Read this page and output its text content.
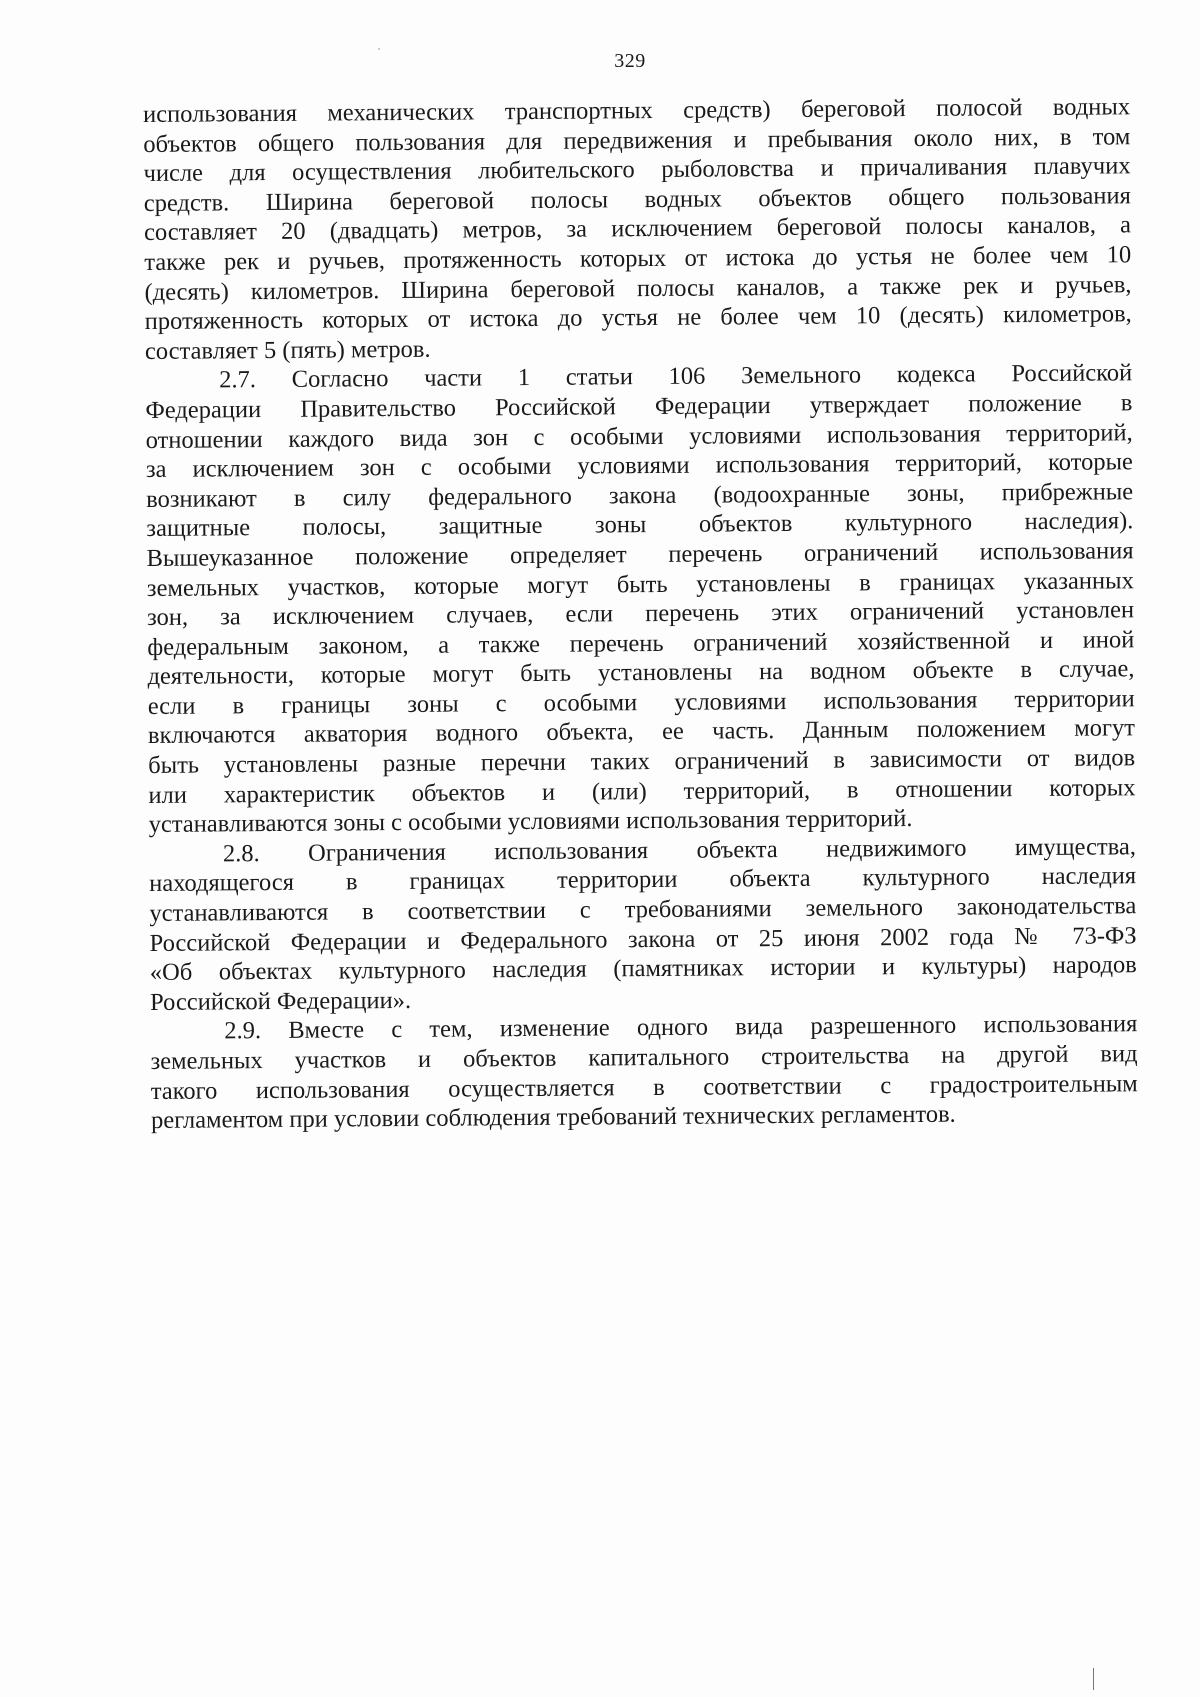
329
использования механических транспортных средств) береговой полосой водных
объектов общего пользования для передвижения и пребывания около них, в том
числе для осуществления любительского рыболовства и причаливания плавучих
средств. Ширина береговой полосы водных объектов общего пользования
составляет 20 (двадцать) метров, за исключением береговой полосы каналов, а
также рек и ручьев, протяженность которых от истока до устья не более чем 10
(десять) километров. Ширина береговой полосы каналов, а также рек и ручьев,
протяженность которых от истока до устья не более чем 10 (десять) километров,
составляет 5 (пять) метров.
2.7. Согласно части 1 статьи 106 Земельного кодекса Российской
Федерации Правительство Российской Федерации утверждает положение в
отношении каждого вида зон с особыми условиями использования территорий,
за исключением зон с особыми условиями использования территорий, которые
возникают в силу федерального закона (водоохранные зоны, прибрежные
защитные полосы, защитные зоны объектов культурного наследия).
Вышеуказанное положение определяет перечень ограничений использования
земельных участков, которые могут быть установлены в границах указанных
зон, за исключением случаев, если перечень этих ограничений установлен
федеральным законом, а также перечень ограничений хозяйственной и иной
деятельности, которые могут быть установлены на водном объекте в случае,
если в границы зоны с особыми условиями использования территории
включаются акватория водного объекта, ее часть. Данным положением могут
быть установлены разные перечни таких ограничений в зависимости от видов
или характеристик объектов и (или) территорий, в отношении которых
устанавливаются зоны с особыми условиями использования территорий.
2.8. Ограничения использования объекта недвижимого имущества,
находящегося в границах территории объекта культурного наследия
устанавливаются в соответствии с требованиями земельного законодательства
Российской Федерации и Федерального закона от 25 июня 2002 года № 73-ФЗ
«Об объектах культурного наследия (памятниках истории и культуры) народов
Российской Федерации».
2.9. Вместе с тем, изменение одного вида разрешенного использования
земельных участков и объектов капитального строительства на другой вид
такого использования осуществляется в соответствии с градостроительным
регламентом при условии соблюдения требований технических регламентов.
